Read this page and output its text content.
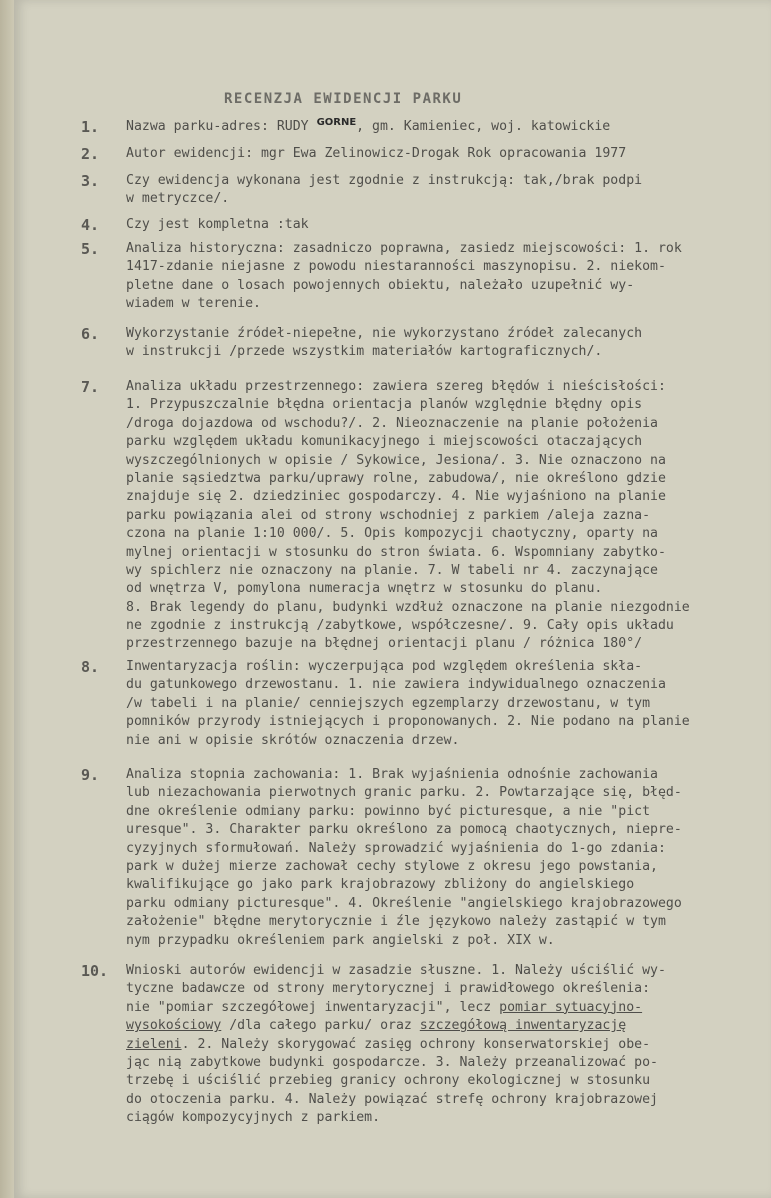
RECENZJA EWIDENCJI PARKU
1.	Nazwa parku-adres: RUDY $^{GÓRNE}$, gm. Kamieniec, woj. katowickie
2.	Autor ewidencji: mgr Ewa Zelinowicz-Drogak Rok opracowania 1977
3.	Czy ewidencja wykonana jest zgodnie z instrukcją: tak,/brak podpi
w metryczce/.
4.	Czy jest kompletna :tak
5.	Analiza historyczna: zasadniczo poprawna, zasiedz miejscowości: 1. rok
1417-zdanie niejasne z powodu niestaranności maszynopisu. 2. niekom-
pletne dane o losach powojennych obiektu, należało uzupełnić wy-
wiadem w terenie.
6.	Wykorzystanie źródeł-niepełne, nie wykorzystano źródeł zalecanych
w instrukcji /przede wszystkim materiałów kartograficznych/.
7.	Analiza układu przestrzennego: zawiera szereg błędów i nieścisłości:
1. Przypuszczalnie błędna orientacja planów względnie błędny opis
/droga dojazdowa od wschodu?/. 2. Nieoznaczenie na planie położenia
parku względem układu komunikacyjnego i miejscowości otaczających
wyszczególnionych w opisie / Sykowice, Jesiona/. 3. Nie oznaczono na
planie sąsiedztwa parku/uprawy rolne, zabudowa/, nie określono gdzie
znajduje się 2. dziedziniec gospodarczy. 4. Nie wyjaśniono na planie
parku powiązania alei od strony wschodniej z parkiem /aleja zazna-
czona na planie 1:10 000/. 5. Opis kompozycji chaotyczny, oparty na
mylnej orientacji w stosunku do stron świata. 6. Wspomniany zabytko-
wy spichlerz nie oznaczony na planie. 7. W tabeli nr 4. zaczynające
od wnętrza V, pomylona numeracja wnętrz w stosunku do planu.
8. Brak legendy do planu, budynki wzdłuż oznaczone na planie niezgodnie
ne zgodnie z instrukcją /zabytkowe, współczesne/. 9. Cały opis układu
przestrzennego bazuje na błędnej orientacji planu / różnica 180°/
8.	Inwentaryzacja roślin: wyczerpująca pod względem określenia skła-
du gatunkowego drzewostanu. 1. nie zawiera indywidualnego oznaczenia
/w tabeli i na planie/ cenniejszych egzemplarzy drzewostanu, w tym
pomników przyrody istniejących i proponowanych. 2. Nie podano na planie
nie ani w opisie skrótów oznaczenia drzew.
9.	Analiza stopnia zachowania: 1. Brak wyjaśnienia odnośnie zachowania
lub niezachowania pierwotnych granic parku. 2. Powtarzające się, błęd-
dne określenie odmiany parku: powinno być picturesque, a nie "pict
uresque". 3. Charakter parku określono za pomocą chaotycznych, niepre-
cyzyjnych sformułowań. Należy sprowadzić wyjaśnienia do 1-go zdania:
park w dużej mierze zachował cechy stylowe z okresu jego powstania,
kwalifikujące go jako park krajobrazowy zbliżony do angielskiego
parku odmiany picturesque". 4. Określenie "angielskiego krajobrazowego
założenie" błędne merytorycznie i źle językowo należy zastąpić w tym
nym przypadku określeniem park angielski z poł. XIX w.
10.	Wnioski autorów ewidencji w zasadzie słuszne. 1. Należy uściślić wy-
tyczne badawcze od strony merytorycznej i prawidłowego określenia:
nie "pomiar szczegółowej inwentaryzacji", lecz pomiar sytuacyjno-
wysokościowy /dla całego parku/ oraz szczegółową inwentaryzację
zieleni. 2. Należy skorygować zasięg ochrony konserwatorskiej obe-
jąc nią zabytkowe budynki gospodarcze. 3. Należy przeanalizować po-
trzebę i uściślić przebieg granicy ochrony ekologicznej w stosunku
do otoczenia parku. 4. Należy powiązać strefę ochrony krajobrazowej
ciągów kompozycyjnych z parkiem.
